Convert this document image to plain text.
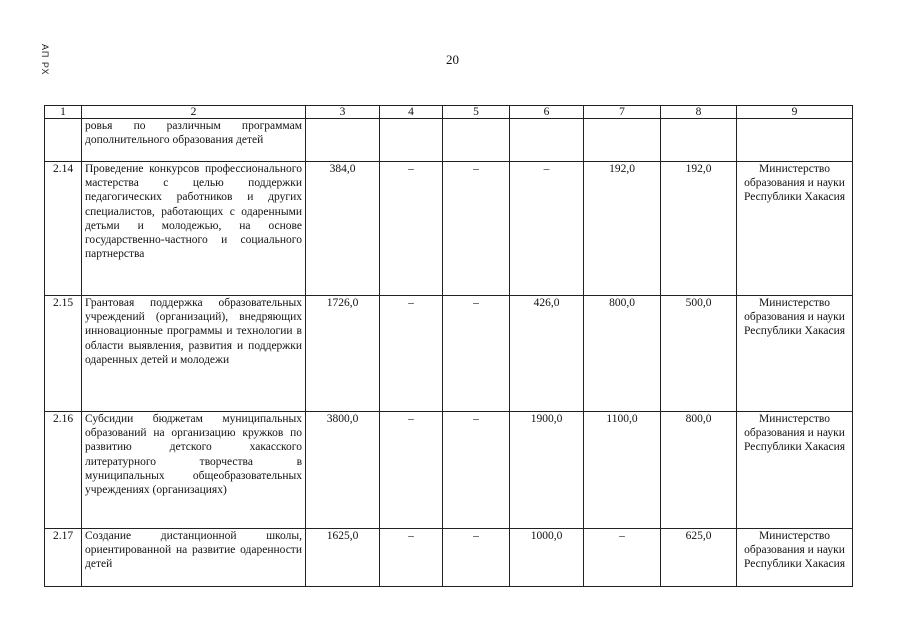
АП РХ	20
1	2	3	4	5	6	7	8	9
	ровья по различным программам дополнительного образования детей							
2.14	Проведение конкурсов профессионального мастерства с целью поддержки педагогических работников и других специалистов, работающих с одаренными детьми и молодежью, на основе государственно-частного и социального партнерства	384,0	–	–	–	192,0	192,0	Министерство образования и науки Республики Хакасия
2.15	Грантовая поддержка образовательных учреждений (организаций), внедряющих инновационные программы и технологии в области выявления, развития и поддержки одаренных детей и молодежи	1726,0	–	–	426,0	800,0	500,0	Министерство образования и науки Республики Хакасия
2.16	Субсидии бюджетам муниципальных образований на организацию кружков по развитию детского хакасского литературного творчества в муниципальных общеобразовательных учреждениях (организациях)	3800,0	–	–	1900,0	1100,0	800,0	Министерство образования и науки Республики Хакасия
2.17	Создание дистанционной школы, ориентированной на развитие одаренности детей	1625,0	–	–	1000,0	–	625,0	Министерство образования и науки Республики Хакасия
